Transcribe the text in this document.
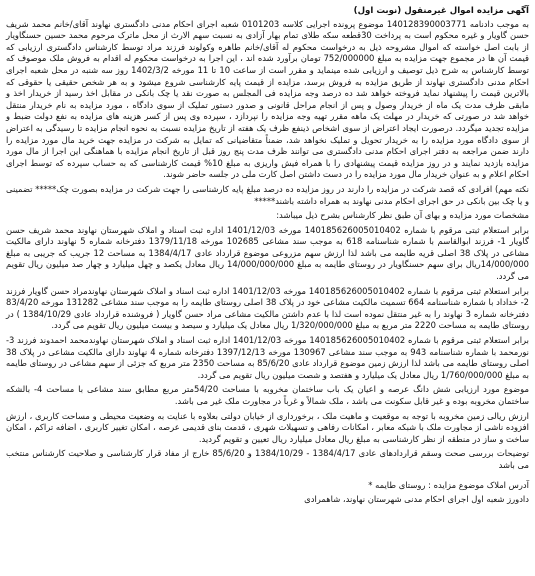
آگهی مزایده اموال غیرمنقول (نوبت اول)

به موجب دادنامه 140128390003771 موضوع پرونده اجرایی کلاسه 0101203 شعبه اجرای احکام مدنی دادگستری نهاوند آقای/خانم محمد شریف حسن گاویار و غیره محکوم است به پرداخت 30قطعه سکه طلای تمام بهار آزادی به نسبت سهم الارث از محل ماترک مرحوم محمد حسین حسنگاویار از بابت اصل خواسته که اموال مشروحه ذیل به درخواست محکوم له آقای/خانم طاهره وکولوند فرزند مراد توسط کارشناس دادگستری ارزیابی که قیمت آن ها در مجموع جهت مزایده به مبلغ 752/000000 تومان برآورد شده اند ، این اجرا به درخواست محکوم له اقدام به فروش ملک موصوف که توسط کارشناس به شرح ذیل توصیف و ارزیابی شده مینماید و مقرر است از ساعت 10 تا 11 مورخه 1402/3/2 روز سه شنبه در محل شعبه اجرای احکام مدنی دادگستری نهاوند از طریق مزایده به فروش برسد، مزایده از قیمت پایه کارشناسی شروع میشود و به هر شخص حقیقی یا حقوقی که بالاترین قیمت را پیشنهاد نماید فروخته خواهد شد ده درصد وجه مزایده فی المجلس به صورت نقد یا چک بانکی در مقابل اخذ رسید از خریدار اخذ و مابقی ظرف مدت یک ماه از خریدار وصول و پس از انجام مراحل قانونی و صدور دستور تملیک از سوی دادگاه ، مورد مزایده به نام خریدار منتقل خواهد شد در صورتی که خریدار در مهلت یک ماهه مقرر تهیه وجه مزایده را نپردازد ، سپرده وی پس از کسر هزینه های مزایده به نفع دولت ضبط و مزایده تجدید میگردد. درصورت ایجاد اعتراض از سوی اشخاص ذینفع ظرف یک هفته از تاریخ مزایده نسبت به نحوه انجام مزایده تا رسیدگی به اعتراض از سوی دادگاه مورد مزایده را به خریدار تحویل و تملیک نخواهد شد، ضمناً متقاضیانی که تمایل به شرکت در مزایده جهت خرید مال مورد مزایده را دارند ضمن مراجعه به دفتر اجرای احکام مدنی دادگستری می توانند ظرف مدت پنج روز قبل از تاریخ انجام مزایده با هماهنگی این اجرا از مال مورد مزایده بازدید نمایند و در روز مزایده قیمت پیشنهادی را با همراه فیش واریزی به مبلغ 10% قیمت کارشناسی که به حساب سپرده که توسط اجرای احکام اعلام و به عنوان خریدار مال مورد مزایده را در دست داشتن اصل کارت ملی در جلسه حاضر شوند.

نکته مهم) افرادی که قصد شرکت در مزایده را دارند در روز مزایده ده درصد مبلغ پایه کارشناسی را جهت شرکت در مزایده بصورت چک***** تضمینی و یا چک بین بانکی در حق اجرای احکام مدنی نهاوند به همراه داشته باشند*****

مشخصات مورد مزایده و بهای آن طبق نظر کارشناس بشرح ذیل میباشد:

برابر استعلام ثبتی مرقوم با شماره 140185626005010402 مورخه 1401/12/03 اداره ثبت اسناد و املاک شهرستان نهاوند محمد شریف حسن گاویار 1- فرزند ابوالقاسم با شماره شناسنامه 618 به موجب سند مشاعی 102685 مورخه 1379/11/18 دفترخانه شماره 5 نهاوند دارای مالکیت مشاعی در پلاک 38 اصلی قریه طایمه می باشد لذا ارزش سهم مزروعی موضوع قرارداد عادی 1384/4/17 به مساحت 12 جریب که جریبی به مبلغ 14/000/000ریال برای سهم حسنگاویار در روستای طایمه به مبلغ 14/000/000/000 ریال معادل یکصد و چهل میلیارد و چهار صد میلیون ریال تقویم می گردد.

برابر استعلام ثبتی مرقوم با شماره 140185626005010402 مورخه 1401/12/03 اداره ثبت اسناد و املاک شهرستان نهاوندمراد حسن گاویار فرزند 2- خداداد با شماره شناسنامه 664 تسمیت مالکیت مشاعی خود در پلاک 38 اصلی روستای طایمه را به موجب سند مشاعی 131282 مورخه 83/4/20 دفترخانه شماره 3 نهاوند را به غیر منتقل نموده است لذا با عدم داشتن مالکیت مشاعی مراد حسن گاویار ( فروشنده قرارداد عادی 1384/10/29 ) در روستای طایمه به مساحت 2220 متر مربع به مبلغ 1/320/000/000 ریال معادل یک میلیارد و سیصد و بیست میلیون ریال تقویم می گردد.

برابر استعلام ثبتی مرقوم با شماره 140185626005010402 مورخه 1401/12/03 اداره ثبت اسناد و املاک شهرستان نهاوندمحمد احمدوند فرزند 3- نورمحمد با شماره شناسنامه 943 به موجب سند مشاعی 130967 مورخه 1397/12/13 دفترخانه شماره 4 نهاوند دارای مالکیت مشاعی در پلاک 38 اصلی روستای طایمه می باشد لذا ارزش زمین موضوع قرارداد عادی 85/6/20 به مساحت 2350 متر مربع که جزئی از سهم مشاعی در روستای طایمه به مبلغ 1/760/000/000 ریال معادل یک میلیارد و هفتصد و شصت میلیون ریال تقویم می گردد.

موضوع مورد ارزیابی شش دانگ عرصه و اعیان یک باب ساختمان مخروبه با مساحت 54/20متر مربع مطابق سند مشاعی با مساحت 4- بالشکه ساختمان مخروبه بوده و غیر قابل سکونت می باشد ، ملک شمالاً و غرباً در مجاورت ملک غیر می باشد.

ارزش ریالی زمین مخروبه با توجه به موقعیت و ماهیت ملک ، برخورداری از خیابان دولتی بعلاوه با عنایت به وضعیت محیطی و مساحت کاربری ، ارزش افزوده ناشی از مجاورت ملک با شبکه معابر ، امکانات رفاهی و تسهیلات شهری ، قدمت بنای قدیمی عرصه ، امکان تغییر کاربری ، اضافه تراکم ، امکان ساخت و ساز در منطقه از نظر کارشناسی به مبلغ ریال معادل میلیارد ریال تعیین و تقویم گردید.

توضیحات بررسی صحت وسقم قراردادهای عادی 1384/4/17 - 1384/10/29 و 85/6/20 خارج از مفاد قرار کارشناسی و صلاحیت کارشناس منتخب می باشد

آدرس املاک موضوع مزایده : روستای طایمه *

دادورز شعبه اول اجرای احکام مدنی شهرستان نهاوند، شاهمرادی
